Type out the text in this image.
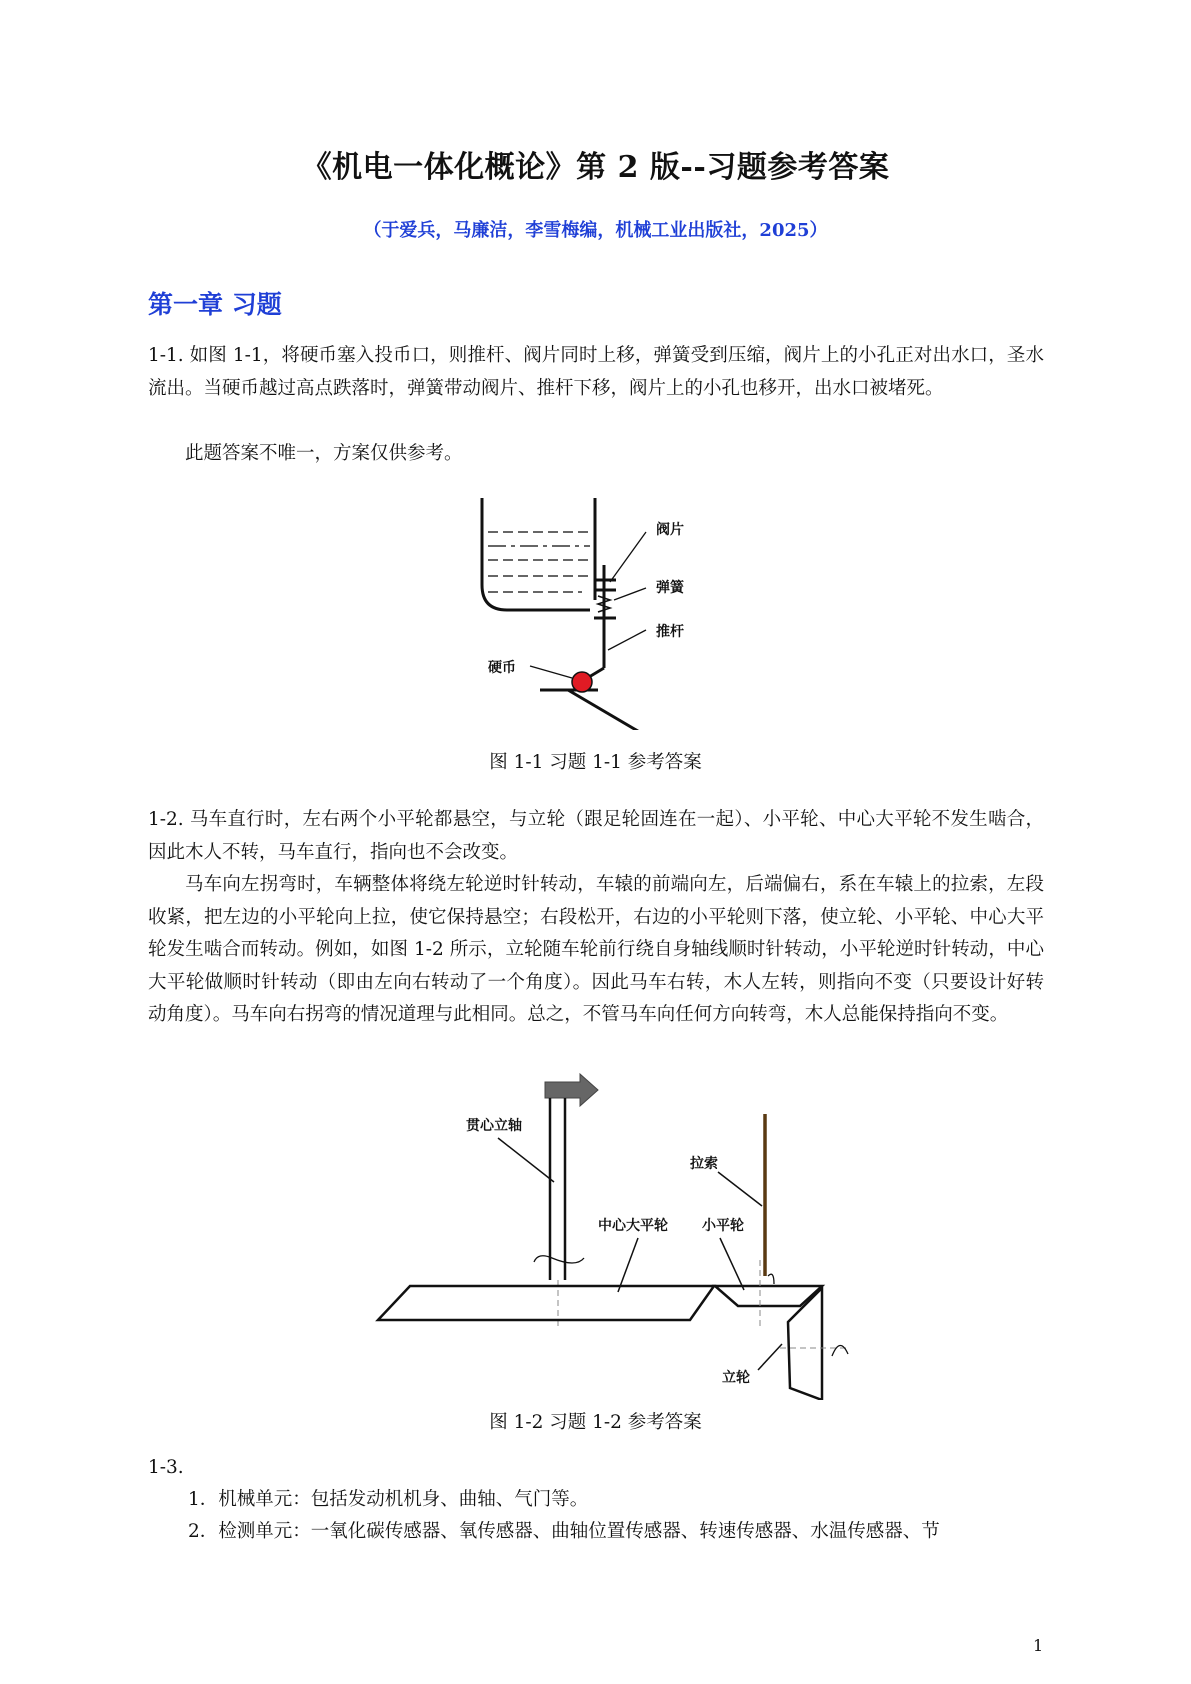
《机电一体化概论》第 2 版--习题参考答案
（于爱兵，马廉洁，李雪梅编，机械工业出版社，2025）
第一章 习题
1-1. 如图 1-1，将硬币塞入投币口，则推杆、阀片同时上移，弹簧受到压缩，阀片上的小孔正对出水口，圣水流出。当硬币越过高点跌落时，弹簧带动阀片、推杆下移，阀片上的小孔也移开，出水口被堵死。
此题答案不唯一，方案仅供参考。
阀片
弹簧
推杆
硬币
图 1-1 习题 1-1 参考答案
1-2. 马车直行时，左右两个小平轮都悬空，与立轮（跟足轮固连在一起）、小平轮、中心大平轮不发生啮合，因此木人不转，马车直行，指向也不会改变。
马车向左拐弯时，车辆整体将绕左轮逆时针转动，车辕的前端向左，后端偏右，系在车辕上的拉索，左段收紧，把左边的小平轮向上拉，使它保持悬空；右段松开，右边的小平轮则下落，使立轮、小平轮、中心大平轮发生啮合而转动。例如，如图 1-2 所示，立轮随车轮前行绕自身轴线顺时针转动，小平轮逆时针转动，中心大平轮做顺时针转动（即由左向右转动了一个角度）。因此马车右转，木人左转，则指向不变（只要设计好转动角度）。马车向右拐弯的情况道理与此相同。总之，不管马车向任何方向转弯，木人总能保持指向不变。
贯心立轴
拉索
中心大平轮 小平轮
立轮
图 1-2 习题 1-2 参考答案
1-3.
1．机械单元：包括发动机机身、曲轴、气门等。
2．检测单元：一氧化碳传感器、氧传感器、曲轴位置传感器、转速传感器、水温传感器、节
1
